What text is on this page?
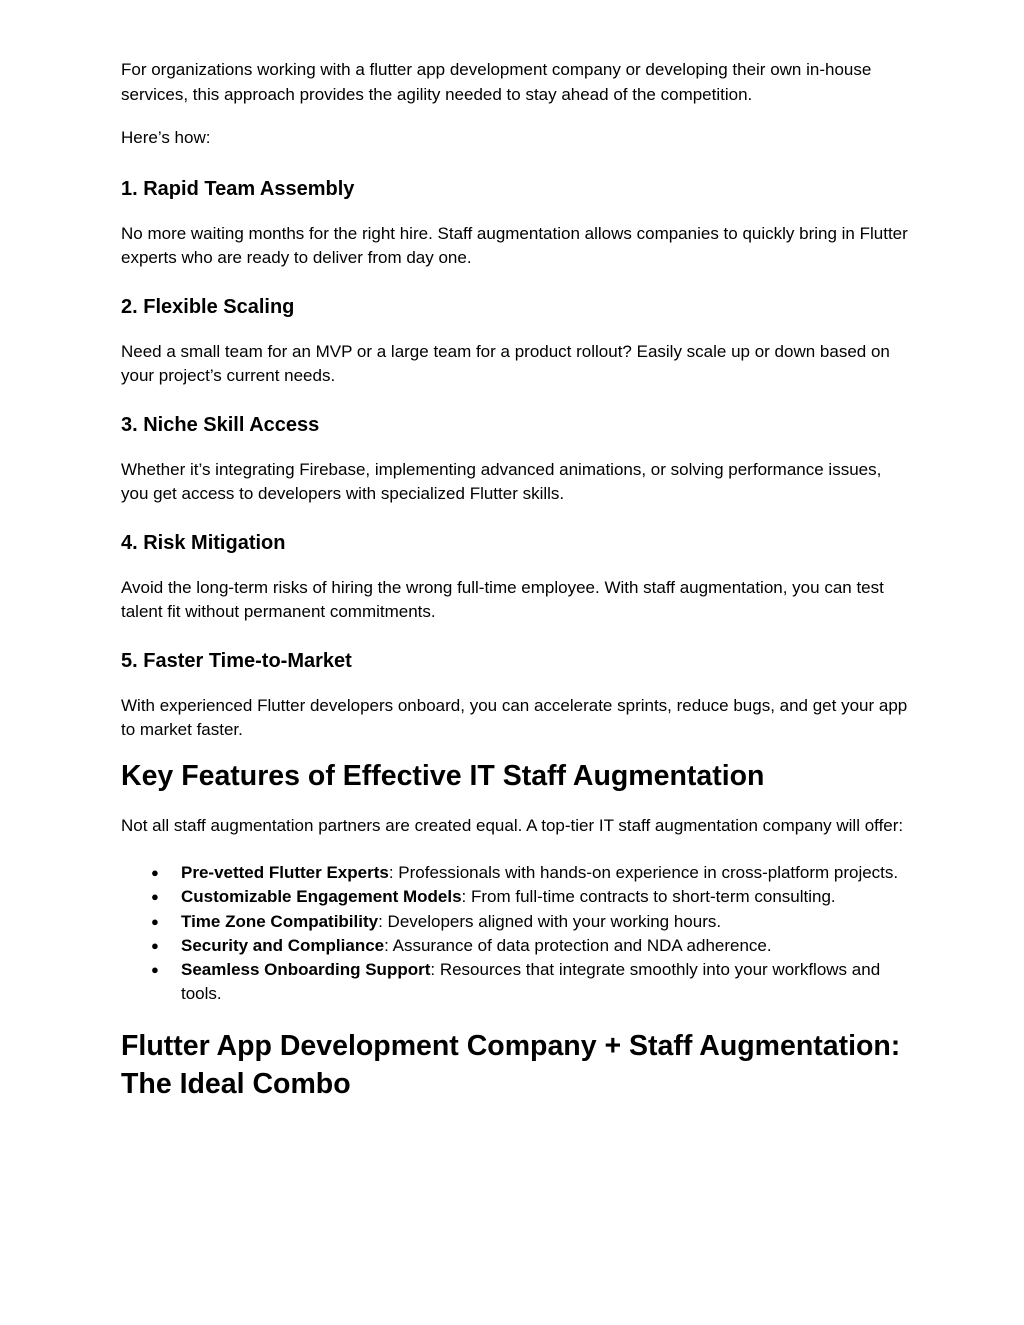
For organizations working with a flutter app development company or developing their own in-house services, this approach provides the agility needed to stay ahead of the competition.

Here’s how:

1. Rapid Team Assembly

No more waiting months for the right hire. Staff augmentation allows companies to quickly bring in Flutter experts who are ready to deliver from day one.

2. Flexible Scaling

Need a small team for an MVP or a large team for a product rollout? Easily scale up or down based on your project’s current needs.

3. Niche Skill Access

Whether it’s integrating Firebase, implementing advanced animations, or solving performance issues, you get access to developers with specialized Flutter skills.

4. Risk Mitigation

Avoid the long-term risks of hiring the wrong full-time employee. With staff augmentation, you can test talent fit without permanent commitments.

5. Faster Time-to-Market

With experienced Flutter developers onboard, you can accelerate sprints, reduce bugs, and get your app to market faster.

Key Features of Effective IT Staff Augmentation

Not all staff augmentation partners are created equal. A top-tier IT staff augmentation company will offer:

● Pre-vetted Flutter Experts: Professionals with hands-on experience in cross-platform projects.
● Customizable Engagement Models: From full-time contracts to short-term consulting.
● Time Zone Compatibility: Developers aligned with your working hours.
● Security and Compliance: Assurance of data protection and NDA adherence.
● Seamless Onboarding Support: Resources that integrate smoothly into your workflows and tools.
Flutter App Development Company + Staff Augmentation: The Ideal Combo
